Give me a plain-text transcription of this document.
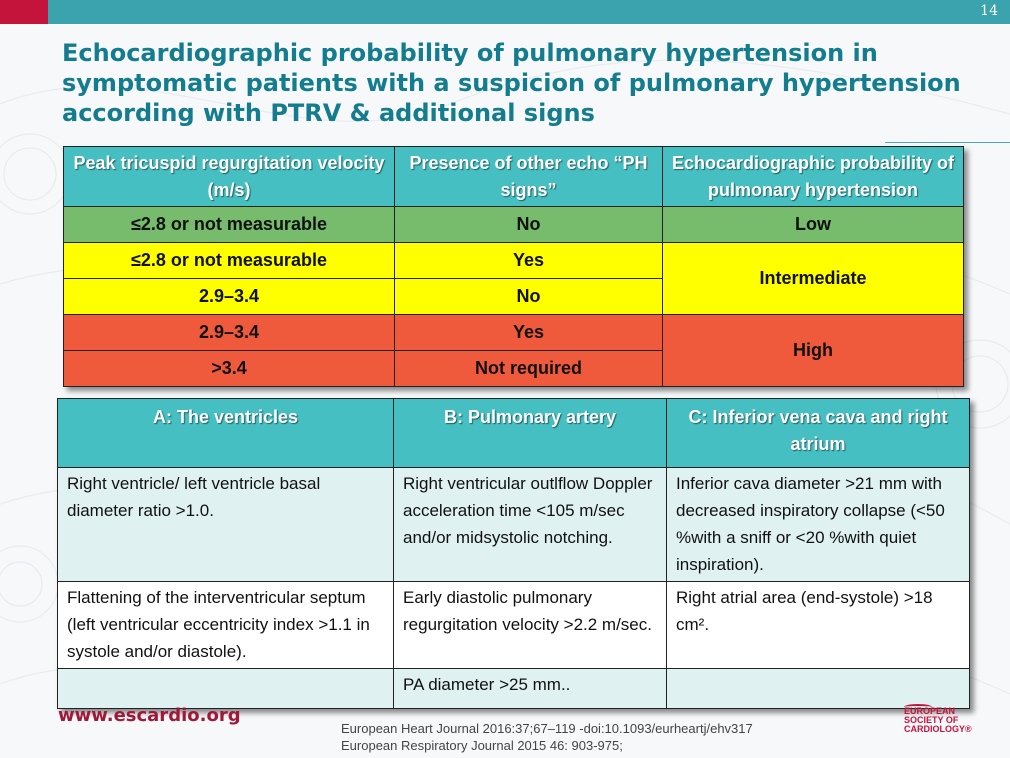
14
Echocardiographic probability of pulmonary hypertension in symptomatic patients with a suspicion of pulmonary hypertension according with PTRV & additional signs
Peak tricuspid regurgitation velocity (m/s)	Presence of other echo “PH signs”	Echocardiographic probability of pulmonary hypertension
≤2.8 or not measurable	No	Low
≤2.8 or not measurable	Yes	Intermediate
2.9–3.4	No	
2.9–3.4	Yes	High
>3.4	Not required	
A: The ventricles	B: Pulmonary artery	C: Inferior vena cava and right atrium
Right ventricle/ left ventricle basal diameter ratio >1.0.	Right ventricular outlflow Doppler acceleration time <105 m/sec and/or midsystolic notching.	Inferior cava diameter >21 mm with decreased inspiratory collapse (<50 %with a sniff or <20 %with quiet inspiration).
Flattening of the interventricular septum (left ventricular eccentricity index >1.1 in systole and/or diastole).	Early diastolic pulmonary regurgitation velocity >2.2 m/sec.	Right atrial area (end-systole) >18 cm².
	PA diameter >25 mm..	
www.escardio.org
European Heart Journal 2016:37;67–119 -doi:10.1093/eurheartj/ehv317
European Respiratory Journal 2015 46: 903-975;
EUROPEAN
SOCIETY OF
CARDIOLOGY®
